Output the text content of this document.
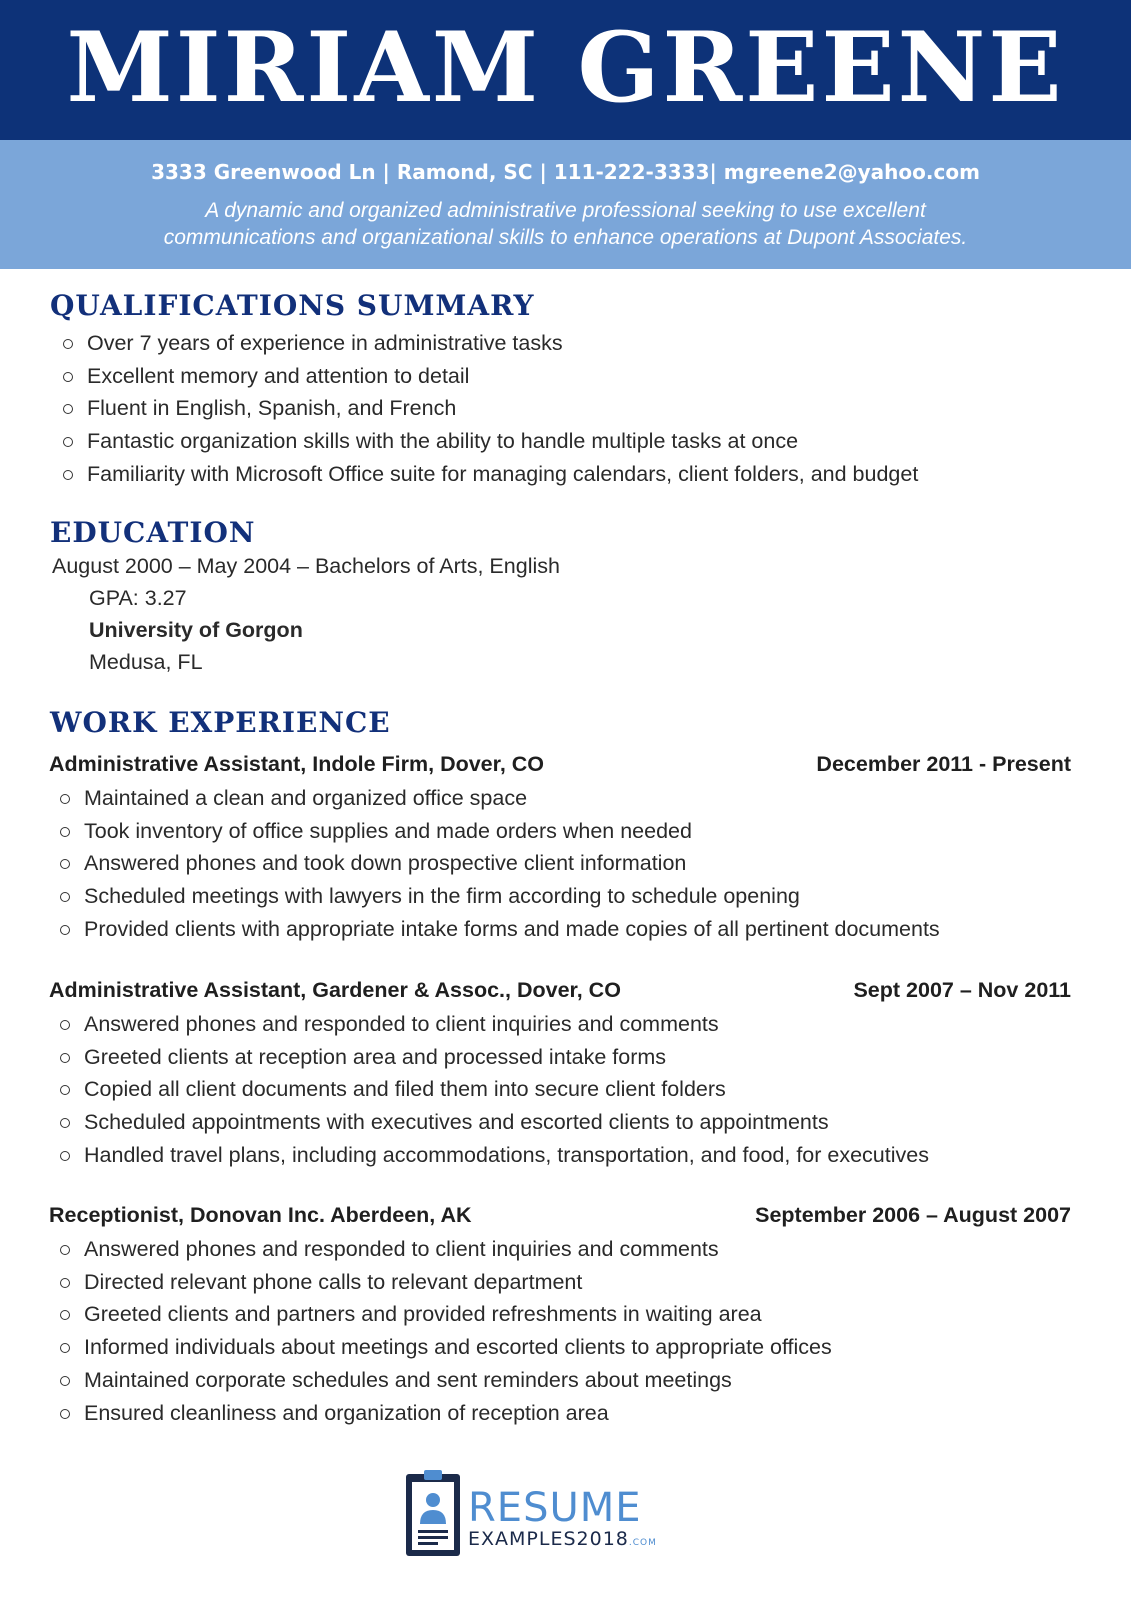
MIRIAM GREENE
3333 Greenwood Ln | Ramond, SC | 111-222-3333| mgreene2@yahoo.com
A dynamic and organized administrative professional seeking to use excellent
communications and organizational skills to enhance operations at Dupont Associates.
QUALIFICATIONS SUMMARY
Over 7 years of experience in administrative tasks
Excellent memory and attention to detail
Fluent in English, Spanish, and French
Fantastic organization skills with the ability to handle multiple tasks at once
Familiarity with Microsoft Office suite for managing calendars, client folders, and budget
EDUCATION

August 2000 – May 2004 – Bachelors of Arts, English

GPA: 3.27

University of Gorgon

Medusa, FL

WORK EXPERIENCE
Administrative Assistant, Indole Firm, Dover, CO	December 2011 - Present
Maintained a clean and organized office space
Took inventory of office supplies and made orders when needed
Answered phones and took down prospective client information
Scheduled meetings with lawyers in the firm according to schedule opening
Provided clients with appropriate intake forms and made copies of all pertinent documents
Administrative Assistant, Gardener & Assoc., Dover, CO	Sept 2007 – Nov 2011
Answered phones and responded to client inquiries and comments
Greeted clients at reception area and processed intake forms
Copied all client documents and filed them into secure client folders
Scheduled appointments with executives and escorted clients to appointments
Handled travel plans, including accommodations, transportation, and food, for executives
Receptionist, Donovan Inc. Aberdeen, AK	September 2006 – August 2007
Answered phones and responded to client inquiries and comments
Directed relevant phone calls to relevant department
Greeted clients and partners and provided refreshments in waiting area
Informed individuals about meetings and escorted clients to appropriate offices
Maintained corporate schedules and sent reminders about meetings
Ensured cleanliness and organization of reception area
RESUME
EXAMPLES2018.COM
